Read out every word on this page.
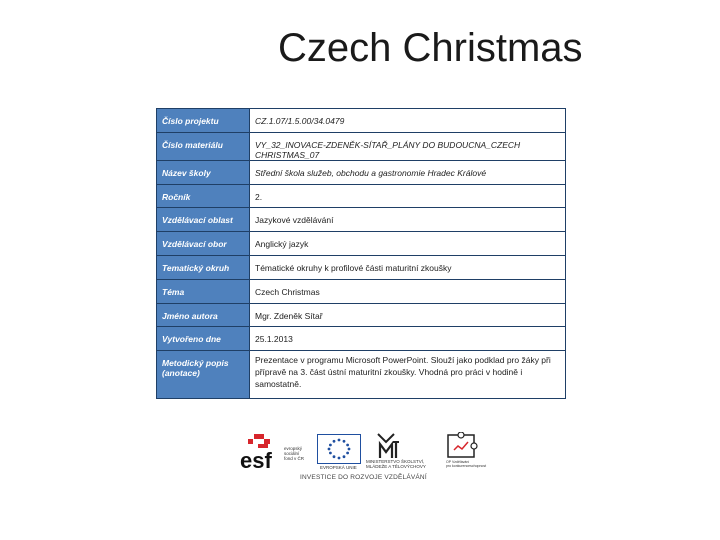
Czech Christmas
Číslo projektu	CZ.1.07/1.5.00/34.0479
Číslo materiálu	VY_32_INOVACE-ZDENĚK-SÍTAŘ_PLÁNY DO BUDOUCNA_CZECH CHRISTMAS_07
Název školy	Střední škola služeb, obchodu a gastronomie Hradec Králové
Ročník	2.
Vzdělávací oblast	Jazykové vzdělávání
Vzdělávací obor	Anglický jazyk
Tematický okruh	Tématické okruhy k profilové části maturitní zkoušky
Téma	Czech Christmas
Jméno autora	Mgr. Zdeněk Sítař
Vytvořeno dne	25.1.2013
Metodický popis (anotace)	Prezentace v programu Microsoft PowerPoint. Slouží jako podklad pro žáky při přípravě na 3. část ústní maturitní zkoušky. Vhodná pro práci v hodině i samostatně.
esf	evropský
sociální
fond v ČR
EVROPSKÁ UNIE
MINISTERSTVO ŠKOLSTVÍ,
MLÁDEŽE A TĚLOVÝCHOVY
OP Vzdělávání
pro konkurenceschopnost
INVESTICE DO ROZVOJE VZDĚLÁVÁNÍ
